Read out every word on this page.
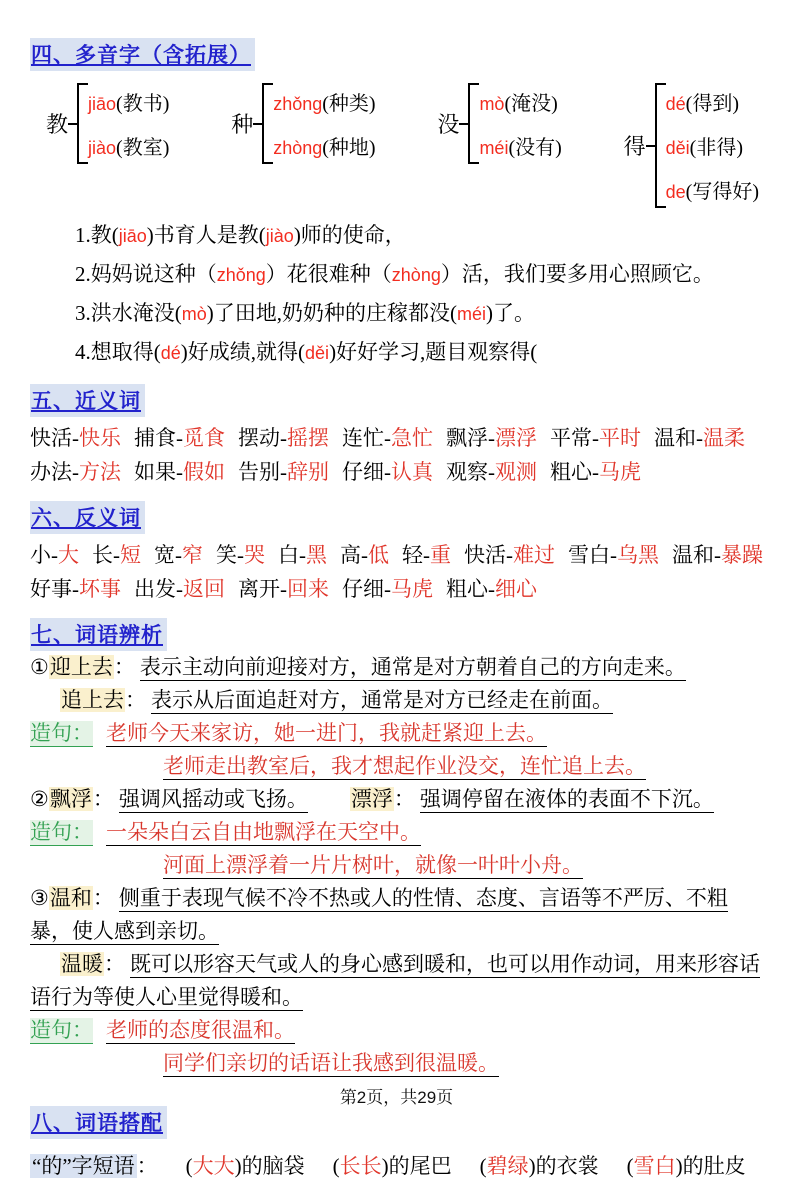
四、多音字（含拓展）
教
jiāo(教书)
jiào(教室)
种
zhǒng(种类)
zhòng(种地)
没
mò(淹没)
méi(没有)	得
dé(得到)
děi(非得)
de(写得好)

1.教(jiāo)书育人是教(jiào)师的使命，

2.妈妈说这种（zhǒng）花很难种（zhòng）活，我们要多用心照顾它。

3.洪水淹没(mò)了田地,奶奶种的庄稼都没(méi)了。

4.想取得(dé)好成绩,就得(děi)好好学习,题目观察得(

五、近义词

快活-快乐 捕食-觅食 摆动-摇摆 连忙-急忙 飘浮-漂浮 平常-平时 温和-温柔

办法-方法 如果-假如 告别-辞别 仔细-认真 观察-观测 粗心-马虎

六、反义词

小-大 长-短 宽-窄 笑-哭 白-黑 高-低 轻-重 快活-难过 雪白-乌黑 温和-暴躁

好事-坏事 出发-返回 离开-回来 仔细-马虎 粗心-细心

七、词语辨析

①迎上去： 表示主动向前迎接对方，通常是对方朝着自己的方向走来。

追上去： 表示从后面追赶对方，通常是对方已经走在前面。

造句： 老师今天来家访，她一进门，我就赶紧迎上去。

老师走出教室后，我才想起作业没交，连忙追上去。

②飘浮： 强调风摇动或飞扬。 漂浮： 强调停留在液体的表面不下沉。

造句： 一朵朵白云自由地飘浮在天空中。

河面上漂浮着一片片树叶，就像一叶叶小舟。

③温和： 侧重于表现气候不冷不热或人的性情、态度、言语等不严厉、不粗暴，使人感到亲切。

温暖： 既可以形容天气或人的身心感到暖和，也可以用作动词，用来形容话语行为等使人心里觉得暖和。

造句： 老师的态度很温和。

同学们亲切的话语让我感到很温暖。

八、词语搭配

“的”字短语： (大大)的脑袋 (长长)的尾巴 (碧绿)的衣裳 (雪白)的肚皮

第2页，共29页
